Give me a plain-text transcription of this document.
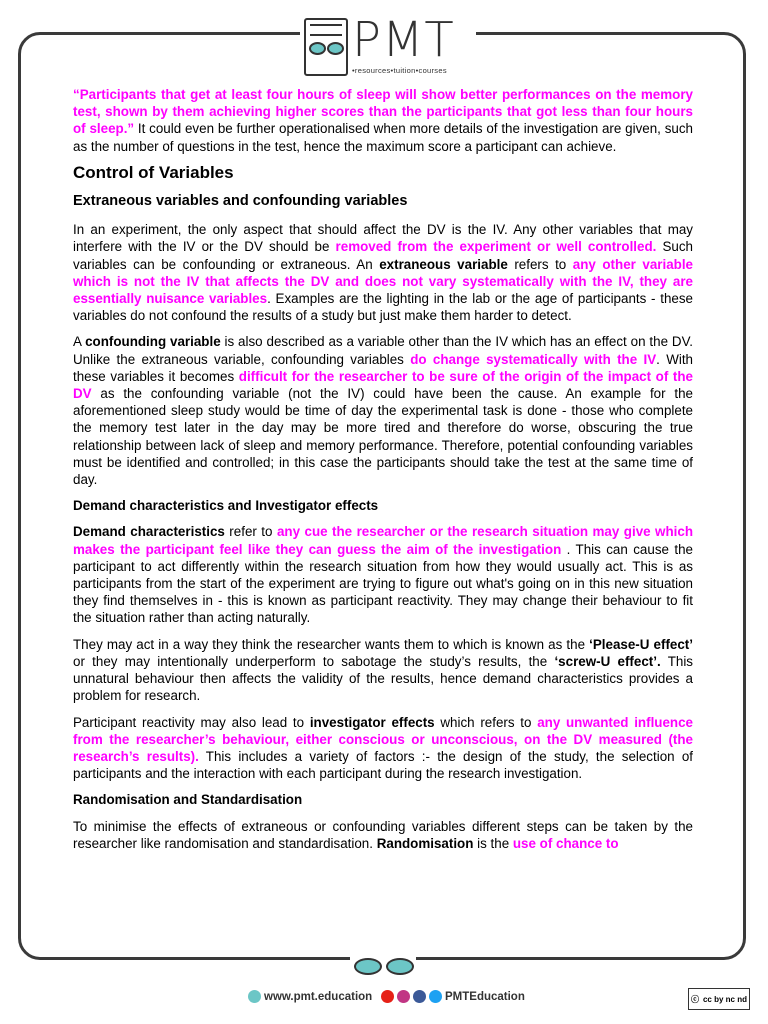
PMT
•resources•tuition•courses

“Participants that get at least four hours of sleep will show better performances on the memory test, shown by them achieving higher scores than the participants that got less than four hours of sleep.” It could even be further operationalised when more details of the investigation are given, such as the number of questions in the test, hence the maximum score a participant can achieve.

Control of Variables
Extraneous variables and confounding variables

In an experiment, the only aspect that should affect the DV is the IV. Any other variables that may interfere with the IV or the DV should be removed from the experiment or well controlled. Such variables can be confounding or extraneous. An extraneous variable refers to any other variable which is not the IV that affects the DV and does not vary systematically with the IV, they are essentially nuisance variables. Examples are the lighting in the lab or the age of participants - these variables do not confound the results of a study but just make them harder to detect.

A confounding variable is also described as a variable other than the IV which has an effect on the DV. Unlike the extraneous variable, confounding variables do change systematically with the IV. With these variables it becomes difficult for the researcher to be sure of the origin of the impact of the DV as the confounding variable (not the IV) could have been the cause. An example for the aforementioned sleep study would be time of day the experimental task is done - those who complete the memory test later in the day may be more tired and therefore do worse, obscuring the true relationship between lack of sleep and memory performance. Therefore, potential confounding variables must be identified and controlled; in this case the participants should take the test at the same time of day.

Demand characteristics and Investigator effects

Demand characteristics refer to any cue the researcher or the research situation may give which makes the participant feel like they can guess the aim of the investigation . This can cause the participant to act differently within the research situation from how they would usually act. This is as participants from the start of the experiment are trying to figure out what's going on in this new situation they find themselves in - this is known as participant reactivity. They may change their behaviour to fit the situation rather than acting naturally.

They may act in a way they think the researcher wants them to which is known as the ‘Please-U effect’ or they may intentionally underperform to sabotage the study’s results, the ‘screw-U effect’. This unnatural behaviour then affects the validity of the results, hence demand characteristics provides a problem for research.

Participant reactivity may also lead to investigator effects which refers to any unwanted influence from the researcher’s behaviour, either conscious or unconscious, on the DV measured (the research’s results). This includes a variety of factors :- the design of the study, the selection of participants and the interaction with each participant during the research investigation.

Randomisation and Standardisation

To minimise the effects of extraneous or confounding variables different steps can be taken by the researcher like randomisation and standardisation. Randomisation is the use of chance to

www.pmt.education	PMTEducation	ⓒ cc by nc nd
